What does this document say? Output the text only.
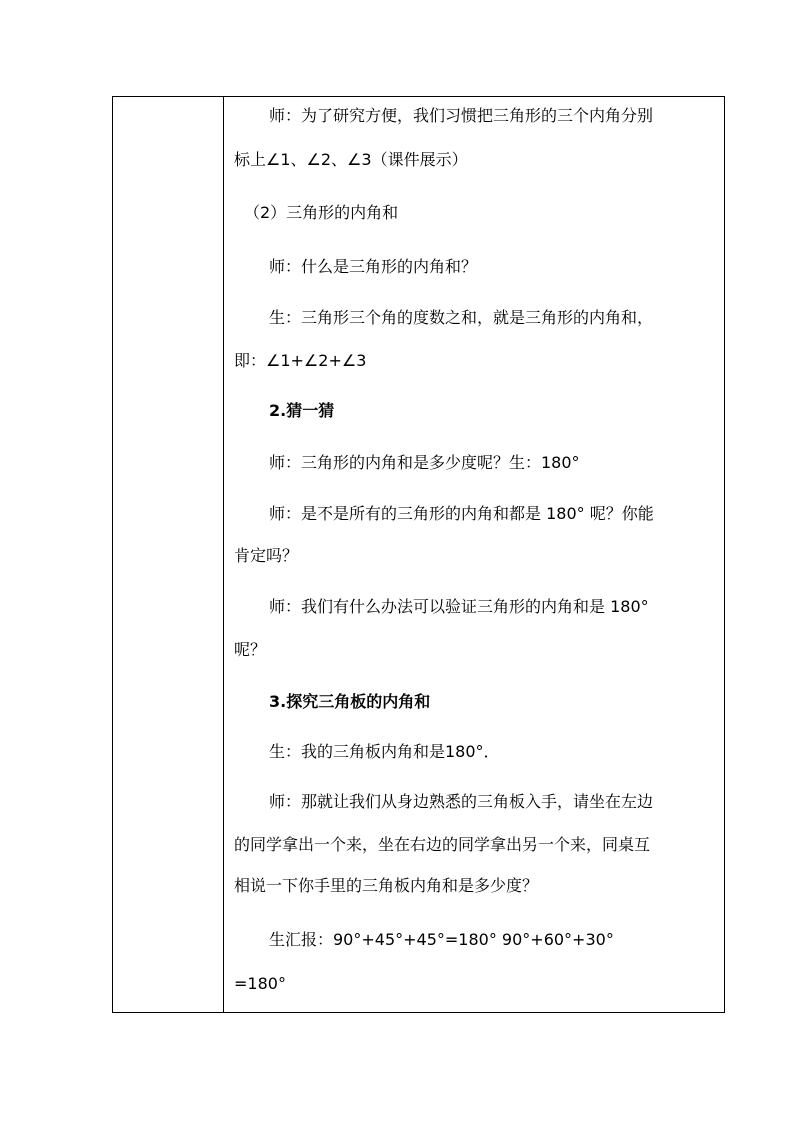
师：为了研究方便，我们习惯把三角形的三个内角分别
标上∠1、∠2、∠3（课件展示）
（2）三角形的内角和
师：什么是三角形的内角和？
生：三角形三个角的度数之和，就是三角形的内角和，
即：∠1+∠2+∠3
2.猜一猜
师：三角形的内角和是多少度呢？生：180°
师：是不是所有的三角形的内角和都是 180° 呢？你能
肯定吗？
师：我们有什么办法可以验证三角形的内角和是 180°
呢？
3.探究三角板的内角和
生：我的三角板内角和是180°．
师：那就让我们从身边熟悉的三角板入手，请坐在左边
的同学拿出一个来，坐在右边的同学拿出另一个来，同桌互
相说一下你手里的三角板内角和是多少度？
生汇报：90°+45°+45°=180° 90°+60°+30°
=180°
